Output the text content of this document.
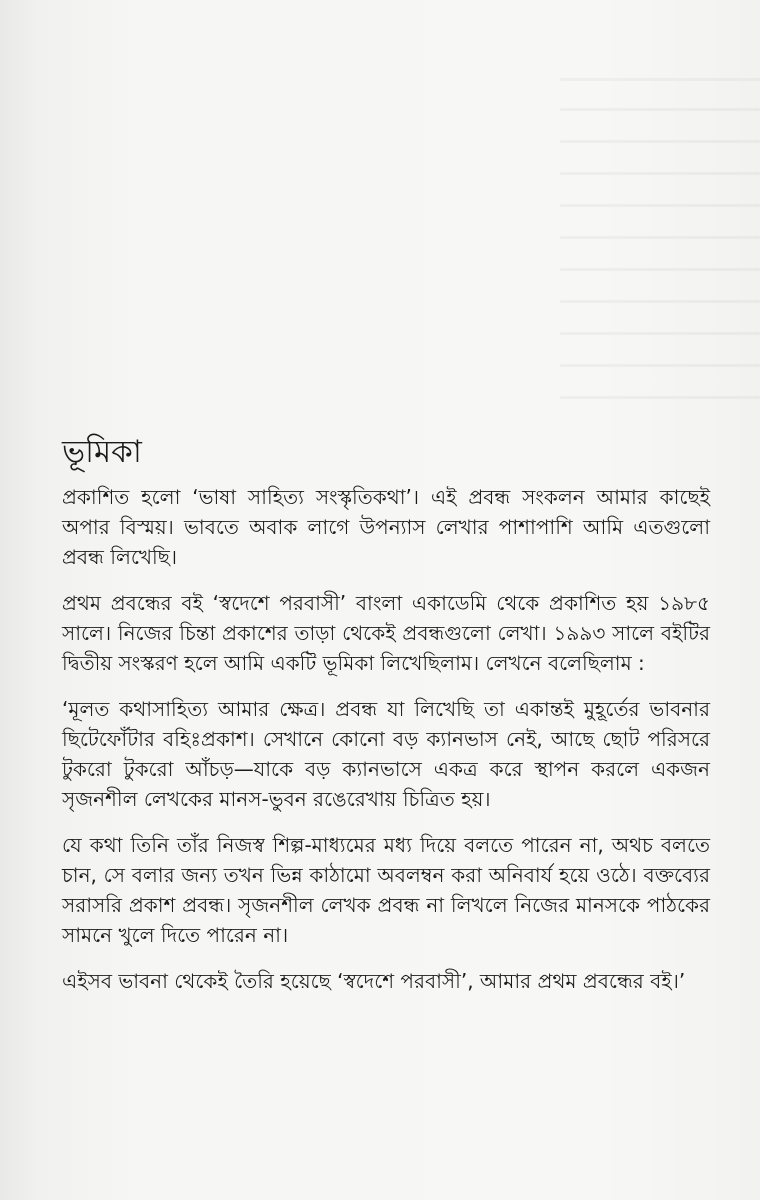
ভূমিকা

প্রকাশিত হলো ‘ভাষা সাহিত্য সংস্কৃতিকথা’। এই প্রবন্ধ সংকলন আমার কাছেই অপার বিস্ময়। ভাবতে অবাক লাগে উপন্যাস লেখার পাশাপাশি আমি এতগুলো প্রবন্ধ লিখেছি।

প্রথম প্রবন্ধের বই ‘স্বদেশে পরবাসী’ বাংলা একাডেমি থেকে প্রকাশিত হয় ১৯৮৫ সালে। নিজের চিন্তা প্রকাশের তাড়া থেকেই প্রবন্ধগুলো লেখা। ১৯৯৩ সালে বইটির দ্বিতীয় সংস্করণ হলে আমি একটি ভূমিকা লিখেছিলাম। লেখনে বলেছিলাম :

‘মূলত কথাসাহিত্য আমার ক্ষেত্র। প্রবন্ধ যা লিখেছি তা একান্তই মুহূর্তের ভাবনার ছিটেফোঁটার বহিঃপ্রকাশ। সেখানে কোনো বড় ক্যানভাস নেই, আছে ছোট পরিসরে টুকরো টুকরো আঁচড়—যাকে বড় ক্যানভাসে একত্র করে স্থাপন করলে একজন সৃজনশীল লেখকের মানস-ভুবন রঙেরেখায় চিত্রিত হয়।

যে কথা তিনি তাঁর নিজস্ব শিল্প-মাধ্যমের মধ্য দিয়ে বলতে পারেন না, অথচ বলতে চান, সে বলার জন্য তখন ভিন্ন কাঠামো অবলম্বন করা অনিবার্য হয়ে ওঠে। বক্তব্যের সরাসরি প্রকাশ প্রবন্ধ। সৃজনশীল লেখক প্রবন্ধ না লিখলে নিজের মানসকে পাঠকের সামনে খুলে দিতে পারেন না।

এইসব ভাবনা থেকেই তৈরি হয়েছে ‘স্বদেশে পরবাসী’, আমার প্রথম প্রবন্ধের বই।’
